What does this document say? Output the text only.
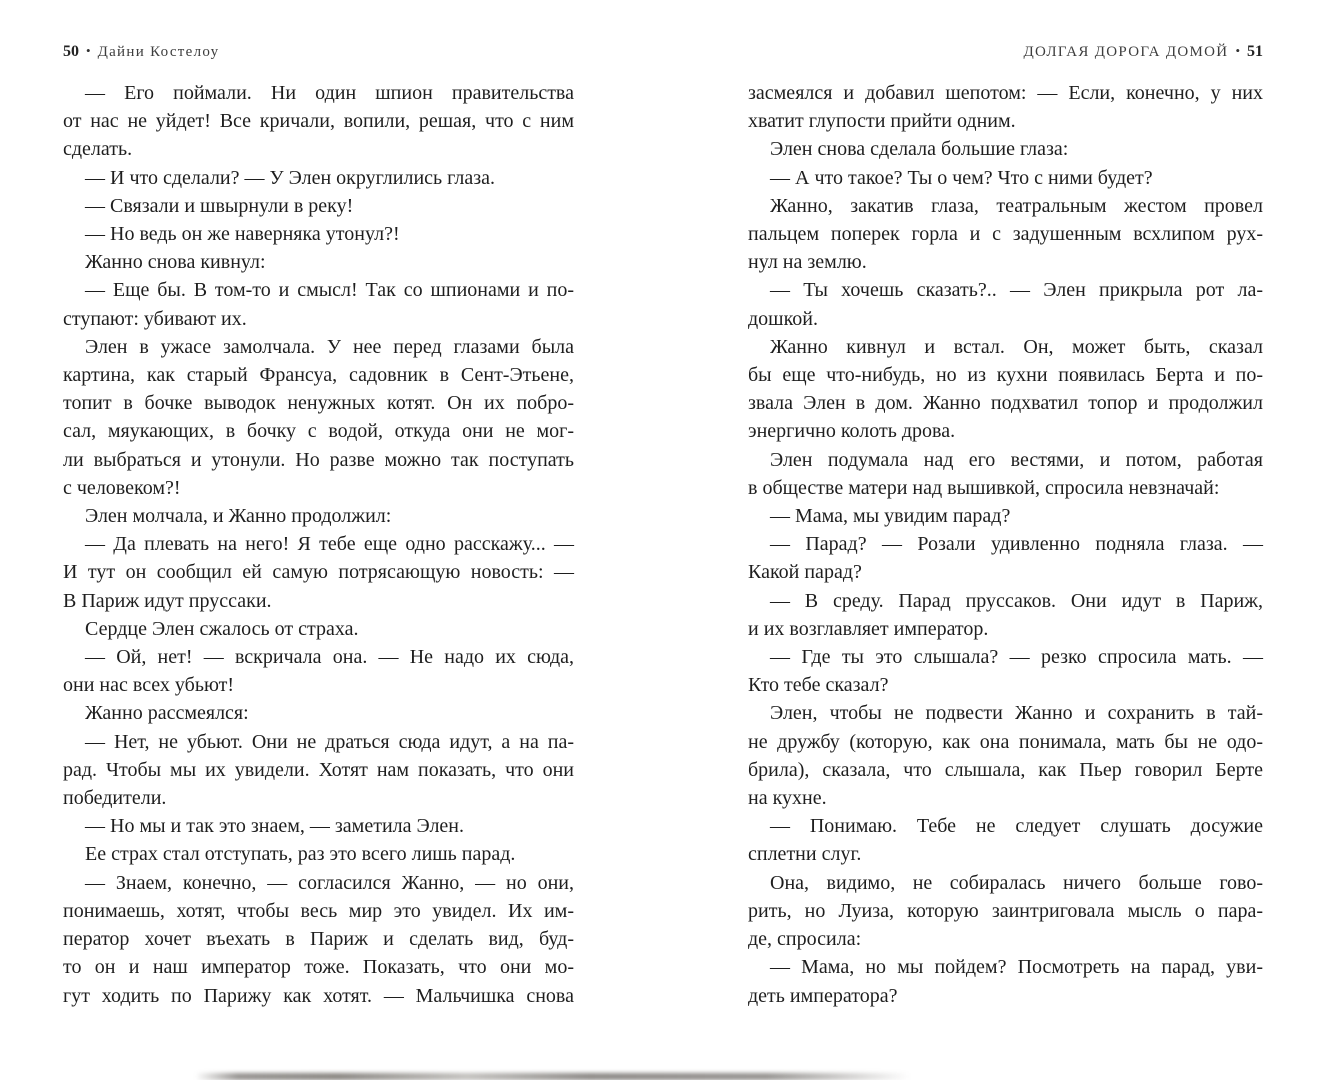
50 • Дайни Костелоу
— Его поймали. Ни один шпион правительства
от нас не уйдет! Все кричали, вопили, решая, что с ним
сделать.
— И что сделали? — У Элен округлились глаза.
— Связали и швырнули в реку!
— Но ведь он же наверняка утонул?!
Жанно снова кивнул:
— Еще бы. В том-то и смысл! Так со шпионами и по-
ступают: убивают их.
Элен в ужасе замолчала. У нее перед глазами была
картина, как старый Франсуа, садовник в Сент-Этьене,
топит в бочке выводок ненужных котят. Он их побро-
сал, мяукающих, в бочку с водой, откуда они не мог-
ли выбраться и утонули. Но разве можно так поступать
с человеком?!
Элен молчала, и Жанно продолжил:
— Да плевать на него! Я тебе еще одно расскажу... —
И тут он сообщил ей самую потрясающую новость: —
В Париж идут пруссаки.
Сердце Элен сжалось от страха.
— Ой, нет! — вскричала она. — Не надо их сюда,
они нас всех убьют!
Жанно рассмеялся:
— Нет, не убьют. Они не драться сюда идут, а на па-
рад. Чтобы мы их увидели. Хотят нам показать, что они
победители.
— Но мы и так это знаем, — заметила Элен.
Ее страх стал отступать, раз это всего лишь парад.
— Знаем, конечно, — согласился Жанно, — но они,
понимаешь, хотят, чтобы весь мир это увидел. Их им-
ператор хочет въехать в Париж и сделать вид, буд-
то он и наш император тоже. Показать, что они мо-
гут ходить по Парижу как хотят. — Мальчишка снова
ДОЛГАЯ ДОРОГА ДОМОЙ • 51
засмеялся и добавил шепотом: — Если, конечно, у них
хватит глупости прийти одним.
Элен снова сделала большие глаза:
— А что такое? Ты о чем? Что с ними будет?
Жанно, закатив глаза, театральным жестом провел
пальцем поперек горла и с задушенным всхлипом рух-
нул на землю.
— Ты хочешь сказать?.. — Элен прикрыла рот ла-
дошкой.
Жанно кивнул и встал. Он, может быть, сказал
бы еще что-нибудь, но из кухни появилась Берта и по-
звала Элен в дом. Жанно подхватил топор и продолжил
энергично колоть дрова.
Элен подумала над его вестями, и потом, работая
в обществе матери над вышивкой, спросила невзначай:
— Мама, мы увидим парад?
— Парад? — Розали удивленно подняла глаза. —
Какой парад?
— В среду. Парад пруссаков. Они идут в Париж,
и их возглавляет император.
— Где ты это слышала? — резко спросила мать. —
Кто тебе сказал?
Элен, чтобы не подвести Жанно и сохранить в тай-
не дружбу (которую, как она понимала, мать бы не одо-
брила), сказала, что слышала, как Пьер говорил Берте
на кухне.
— Понимаю. Тебе не следует слушать досужие
сплетни слуг.
Она, видимо, не собиралась ничего больше гово-
рить, но Луиза, которую заинтриговала мысль о пара-
де, спросила:
— Мама, но мы пойдем? Посмотреть на парад, уви-
деть императора?
